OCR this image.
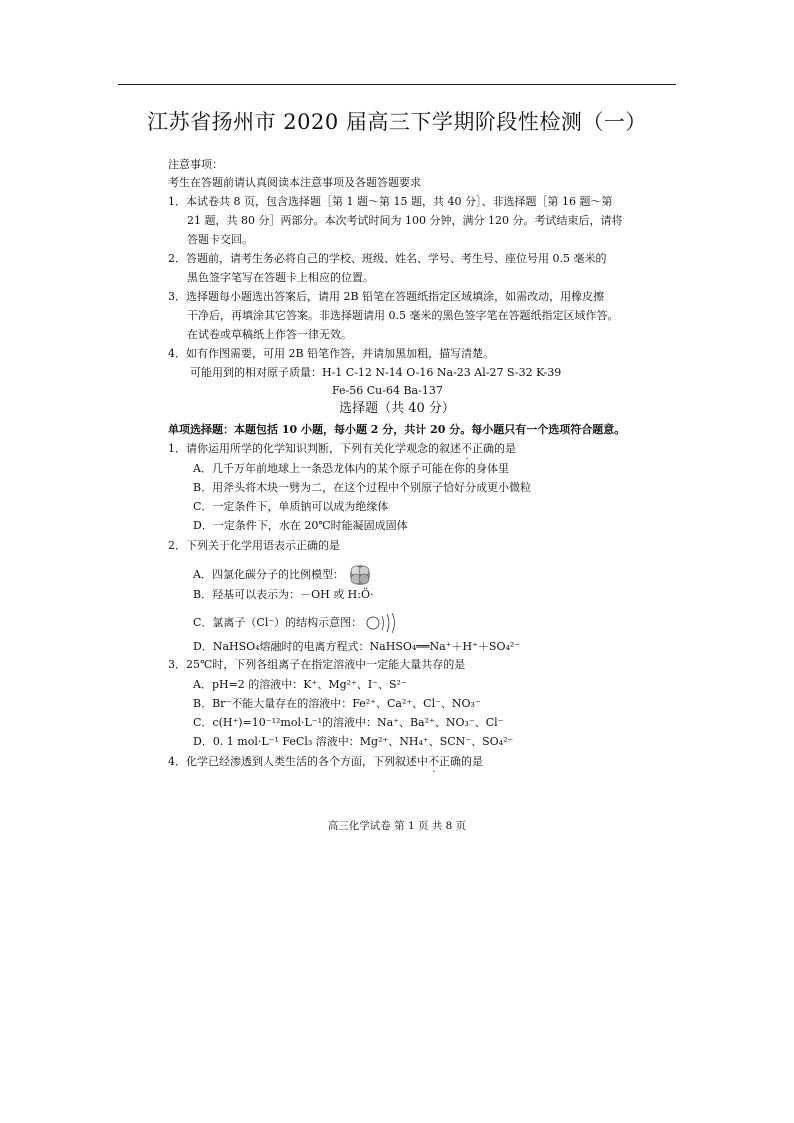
江苏省扬州市 2020 届高三下学期阶段性检测（一）
注意事项：
考生在答题前请认真阅读本注意事项及各题答题要求
1．本试卷共 8 页，包含选择题［第 1 题～第 15 题，共 40 分］、非选择题［第 16 题～第
21 题，共 80 分］两部分。本次考试时间为 100 分钟，满分 120 分。考试结束后，请将
答题卡交回。
2．答题前，请考生务必将自己的学校、班级、姓名、学号、考生号、座位号用 0.5 毫米的
黑色签字笔写在答题卡上相应的位置。
3．选择题每小题选出答案后，请用 2B 铅笔在答题纸指定区域填涂，如需改动，用橡皮擦
干净后，再填涂其它答案。非选择题请用 0.5 毫米的黑色签字笔在答题纸指定区域作答。
在试卷或草稿纸上作答一律无效。
4．如有作图需要，可用 2B 铅笔作答，并请加黑加粗，描写清楚。
可能用到的相对原子质量：H-1 C-12 N-14 O-16 Na-23 Al-27 S-32 K-39
Fe-56 Cu-64 Ba-137
选择题（共 40 分）
单项选择题：本题包括 10 小题，每小题 2 分，共计 20 分。每小题只有一个选项符合题意。
1．请你运用所学的化学知识判断，下列有关化学观念的叙述不正确的是
A．几千万年前地球上一条恐龙体内的某个原子可能在你的身体里
B．用斧头将木块一劈为二，在这个过程中个别原子恰好分成更小微粒
C．一定条件下，单质钠可以成为绝缘体
D．一定条件下，水在 20℃时能凝固成固体
2．下列关于化学用语表示正确的是
A．四氯化碳分子的比例模型：
B．羟基可以表示为：－OH 或 H:Ö·
C．氯离子（Cl⁻）的结构示意图：
D．NaHSO₄熔融时的电离方程式：NaHSO₄══Na⁺＋H⁺＋SO₄²⁻
3．25℃时，下列各组离子在指定溶液中一定能大量共存的是
A．pH=2 的溶液中：K⁺、Mg²⁺、I⁻、S²⁻
B．Br⁻不能大量存在的溶液中：Fe²⁺、Ca²⁺、Cl⁻、NO₃⁻
C．c(H⁺)=10⁻¹²mol·L⁻¹的溶液中：Na⁺、Ba²⁺、NO₃⁻、Cl⁻
D．0. 1 mol·L⁻¹ FeCl₃ 溶液中：Mg²⁺、NH₄⁺、SCN⁻、SO₄²⁻
4．化学已经渗透到人类生活的各个方面，下列叙述中不正确的是
高三化学试卷 第 1 页 共 8 页
